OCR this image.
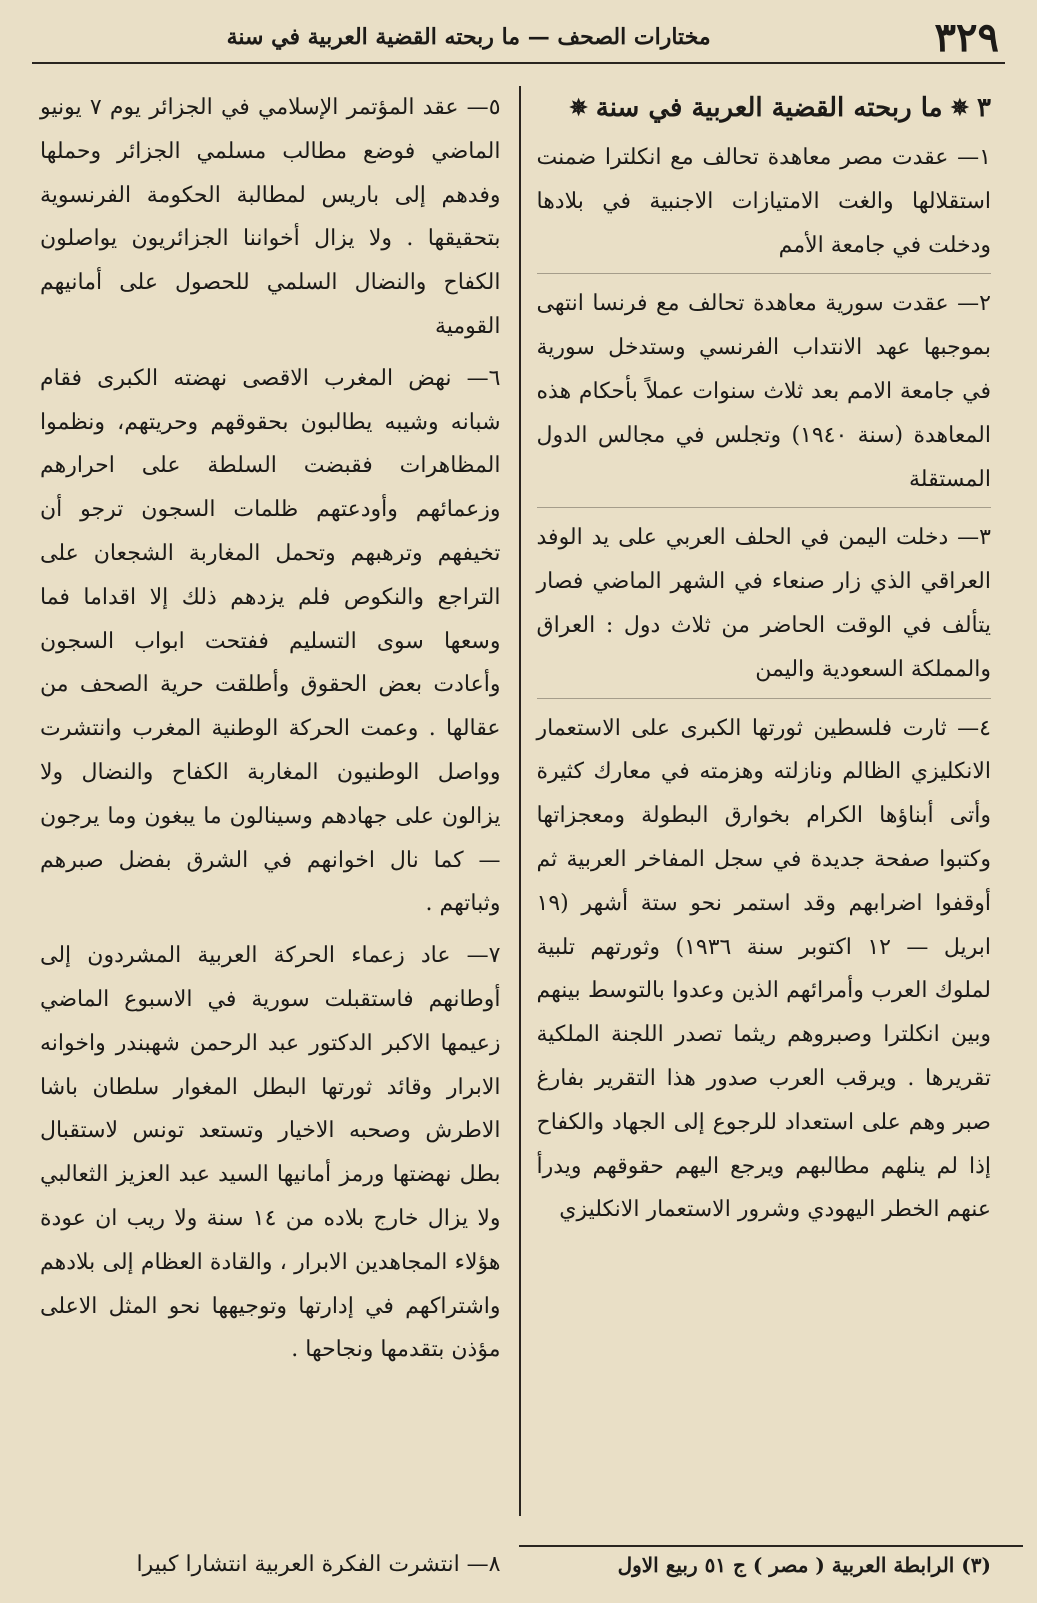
٣٢٩
مختارات الصحف — ما ربحته القضية العربية في سنة
٣
✵
ما ربحته القضية العربية في سنة
✵

١— عقدت مصر معاهدة تحالف مع انكلترا ضمنت استقلالها والغت الامتيازات الاجنبية في بلادها ودخلت في جامعة الأمم

٢— عقدت سورية معاهدة تحالف مع فرنسا انتهى بموجبها عهد الانتداب الفرنسي وستدخل سورية في جامعة الامم بعد ثلاث سنوات عملاً بأحكام هذه المعاهدة (سنة ١٩٤٠) وتجلس في مجالس الدول المستقلة

٣— دخلت اليمن في الحلف العربي على يد الوفد العراقي الذي زار صنعاء في الشهر الماضي فصار يتألف في الوقت الحاضر من ثلاث دول : العراق والمملكة السعودية واليمن

٤— ثارت فلسطين ثورتها الكبرى على الاستعمار الانكليزي الظالم ونازلته وهزمته في معارك كثيرة وأتى أبناؤها الكرام بخوارق البطولة ومعجزاتها وكتبوا صفحة جديدة في سجل المفاخر العربية ثم أوقفوا اضرابهم وقد استمر نحو ستة أشهر (١٩ ابريل — ١٢ اكتوبر سنة ١٩٣٦) وثورتهم تلبية لملوك العرب وأمرائهم الذين وعدوا بالتوسط بينهم وبين انكلترا وصبروهم ريثما تصدر اللجنة الملكية تقريرها . ويرقب العرب صدور هذا التقرير بفارغ صبر وهم على استعداد للرجوع إلى الجهاد والكفاح إذا لم ينلهم مطالبهم ويرجع اليهم حقوقهم ويدرأ عنهم الخطر اليهودي وشرور الاستعمار الانكليزي

٥— عقد المؤتمر الإسلامي في الجزائر يوم ٧ يونيو الماضي فوضع مطالب مسلمي الجزائر وحملها وفدهم إلى باريس لمطالبة الحكومة الفرنسوية بتحقيقها . ولا يزال أخواننا الجزائريون يواصلون الكفاح والنضال السلمي للحصول على أمانيهم القومية

٦— نهض المغرب الاقصى نهضته الكبرى فقام شبانه وشيبه يطالبون بحقوقهم وحريتهم، ونظموا المظاهرات فقبضت السلطة على احرارهم وزعمائهم وأودعتهم ظلمات السجون ترجو أن تخيفهم وترهبهم وتحمل المغاربة الشجعان على التراجع والنكوص فلم يزدهم ذلك إلا اقداما فما وسعها سوى التسليم ففتحت ابواب السجون وأعادت بعض الحقوق وأطلقت حرية الصحف من عقالها . وعمت الحركة الوطنية المغرب وانتشرت وواصل الوطنيون المغاربة الكفاح والنضال ولا يزالون على جهادهم وسينالون ما يبغون وما يرجون — كما نال اخوانهم في الشرق بفضل صبرهم وثباتهم .

٧— عاد زعماء الحركة العربية المشردون إلى أوطانهم فاستقبلت سورية في الاسبوع الماضي زعيمها الاكبر الدكتور عبد الرحمن شهبندر واخوانه الابرار وقائد ثورتها البطل المغوار سلطان باشا الاطرش وصحبه الاخيار وتستعد تونس لاستقبال بطل نهضتها ورمز أمانيها السيد عبد العزيز الثعالبي ولا يزال خارج بلاده من ١٤ سنة ولا ريب ان عودة هؤلاء المجاهدين الابرار ، والقادة العظام إلى بلادهم واشتراكهم في إدارتها وتوجيهها نحو المثل الاعلى مؤذن بتقدمها ونجاحها .

(٣) الرابطة العربية ( مصر ) ج ٥١ ربيع الاول
٨— انتشرت الفكرة العربية انتشارا كبيرا
